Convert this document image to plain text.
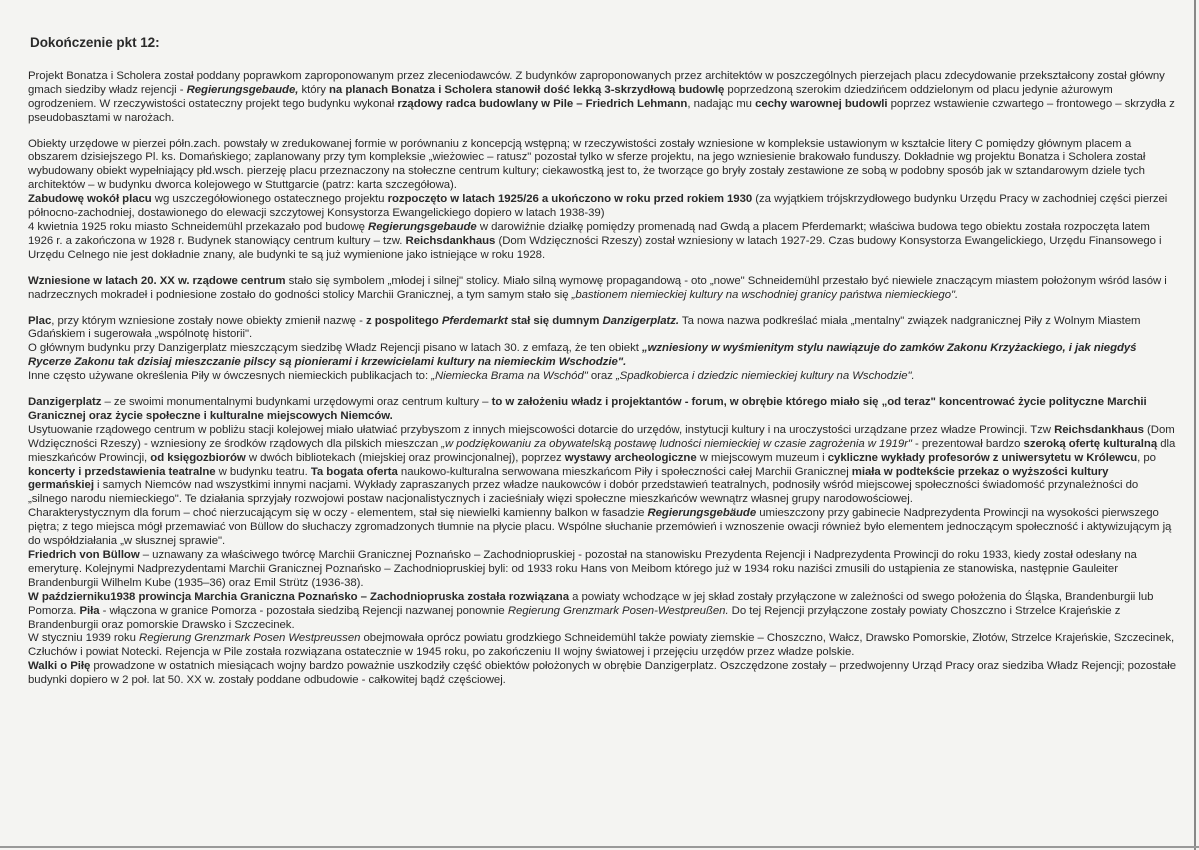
Dokończenie pkt 12:

Projekt Bonatza i Scholera został poddany poprawkom zaproponowanym przez zleceniodawców. Z budynków zaproponowanych przez architektów w poszczególnych pierzejach placu zdecydowanie przekształcony został główny gmach siedziby władz rejencji - Regierungsgebaude, który na planach Bonatza i Scholera stanowił dość lekką 3-skrzydłową budowlę poprzedzoną szerokim dziedzińcem oddzielonym od placu jedynie ażurowym ogrodzeniem. W rzeczywistości ostateczny projekt tego budynku wykonał rządowy radca budowlany w Pile – Friedrich Lehmann, nadając mu cechy warownej budowli poprzez wstawienie czwartego – frontowego – skrzydła z pseudobasztami w narożach.

Obiekty urzędowe w pierzei półn.zach. powstały w zredukowanej formie w porównaniu z koncepcją wstępną; w rzeczywistości zostały wzniesione w kompleksie ustawionym w kształcie litery C pomiędzy głównym placem a obszarem dzisiejszego Pl. ks. Domańskiego; zaplanowany przy tym kompleksie „wieżowiec – ratusz" pozostał tylko w sferze projektu, na jego wzniesienie brakowało funduszy. Dokładnie wg projektu Bonatza i Scholera został wybudowany obiekt wypełniający płd.wsch. pierzeję placu przeznaczony na stołeczne centrum kultury; ciekawostką jest to, że tworzące go bryły zostały zestawione ze sobą w podobny sposób jak w sztandarowym dziele tych architektów – w budynku dworca kolejowego w Stuttgarcie (patrz: karta szczegółowa).

Zabudowę wokół placu wg uszczegółowionego ostatecznego projektu rozpoczęto w latach 1925/26 a ukończono w roku przed rokiem 1930 (za wyjątkiem trójskrzydłowego budynku Urzędu Pracy w zachodniej części pierzei północno-zachodniej, dostawionego do elewacji szczytowej Konsystorza Ewangelickiego dopiero w latach 1938-39)

4 kwietnia 1925 roku miasto Schneidemühl przekazało pod budowę Regierungsgebaude w darowiźnie działkę pomiędzy promenadą nad Gwdą a placem Pferdemarkt; właściwa budowa tego obiektu została rozpoczęta latem 1926 r. a zakończona w 1928 r. Budynek stanowiący centrum kultury – tzw. Reichsdankhaus (Dom Wdzięczności Rzeszy) został wzniesiony w latach 1927-29. Czas budowy Konsystorza Ewangelickiego, Urzędu Finansowego i Urzędu Celnego nie jest dokładnie znany, ale budynki te są już wymienione jako istniejące w roku 1928.

Wzniesione w latach 20. XX w. rządowe centrum stało się symbolem „młodej i silnej" stolicy. Miało silną wymowę propagandową - oto „nowe" Schneidemühl przestało być niewiele znaczącym miastem położonym wśród lasów i nadrzecznych mokradeł i podniesione zostało do godności stolicy Marchii Granicznej, a tym samym stało się „bastionem niemieckiej kultury na wschodniej granicy państwa niemieckiego".

Plac, przy którym wzniesione zostały nowe obiekty zmienił nazwę - z pospolitego Pferdemarkt stał się dumnym Danzigerplatz. Ta nowa nazwa podkreślać miała „mentalny" związek nadgranicznej Piły z Wolnym Miastem Gdańskiem i sugerowała „wspólnotę historii".

O głównym budynku przy Danzigerplatz mieszczącym siedzibę Władz Rejencji pisano w latach 30. z emfazą, że ten obiekt „wzniesiony w wyśmienitym stylu nawiązuje do zamków Zakonu Krzyżackiego, i jak niegdyś Rycerze Zakonu tak dzisiaj mieszczanie pilscy są pionierami i krzewicielami kultury na niemieckim Wschodzie".

Inne często używane określenia Piły w ówczesnych niemieckich publikacjach to: „Niemiecka Brama na Wschód" oraz „Spadkobierca i dziedzic niemieckiej kultury na Wschodzie".

Danzigerplatz – ze swoimi monumentalnymi budynkami urzędowymi oraz centrum kultury – to w założeniu władz i projektantów - forum, w obrębie którego miało się „od teraz" koncentrować życie polityczne Marchii Granicznej oraz życie społeczne i kulturalne miejscowych Niemców.

Usytuowanie rządowego centrum w pobliżu stacji kolejowej miało ułatwiać przybyszom z innych miejscowości dotarcie do urzędów, instytucji kultury i na uroczystości urządzane przez władze Prowincji. Tzw Reichsdankhaus (Dom Wdzięczności Rzeszy) - wzniesiony ze środków rządowych dla pilskich mieszczan „w podziękowaniu za obywatelską postawę ludności niemieckiej w czasie zagrożenia w 1919r" - prezentował bardzo szeroką ofertę kulturalną dla mieszkańców Prowincji, od księgozbiorów w dwóch bibliotekach (miejskiej oraz prowincjonalnej), poprzez wystawy archeologiczne w miejscowym muzeum i cykliczne wykłady profesorów z uniwersytetu w Królewcu, po koncerty i przedstawienia teatralne w budynku teatru. Ta bogata oferta naukowo-kulturalna serwowana mieszkańcom Piły i społeczności całej Marchii Granicznej miała w podtekście przekaz o wyższości kultury germańskiej i samych Niemców nad wszystkimi innymi nacjami. Wykłady zapraszanych przez władze naukowców i dobór przedstawień teatralnych, podnosiły wśród miejscowej społeczności świadomość przynależności do „silnego narodu niemieckiego". Te działania sprzyjały rozwojowi postaw nacjonalistycznych i zacieśniały więzi społeczne mieszkańców wewnątrz własnej grupy narodowościowej.

Charakterystycznym dla forum – choć nierzucającym się w oczy - elementem, stał się niewielki kamienny balkon w fasadzie Regierungsgebäude umieszczony przy gabinecie Nadprezydenta Prowincji na wysokości pierwszego piętra; z tego miejsca mógł przemawiać von Büllow do słuchaczy zgromadzonych tłumnie na płycie placu. Wspólne słuchanie przemówień i wznoszenie owacji również było elementem jednoczącym społeczność i aktywizującym ją do współdziałania „w słusznej sprawie".

Friedrich von Büllow – uznawany za właściwego twórcę Marchii Granicznej Poznańsko – Zachodniopruskiej - pozostał na stanowisku Prezydenta Rejencji i Nadprezydenta Prowincji do roku 1933, kiedy został odesłany na emeryturę. Kolejnymi Nadprezydentami Marchii Granicznej Poznańsko – Zachodniopruskiej byli: od 1933 roku Hans von Meibom którego już w 1934 roku naziści zmusili do ustąpienia ze stanowiska, następnie Gauleiter Brandenburgii Wilhelm Kube (1935–36) oraz Emil Strütz (1936-38).

W październiku1938 prowincja Marchia Graniczna Poznańsko – Zachodniopruska została rozwiązana a powiaty wchodzące w jej skład zostały przyłączone w zależności od swego położenia do Śląska, Brandenburgii lub Pomorza. Piła - włączona w granice Pomorza - pozostała siedzibą Rejencji nazwanej ponownie Regierung Grenzmark Posen-Westpreußen. Do tej Rejencji przyłączone zostały powiaty Choszczno i Strzelce Krajeńskie z Brandenburgii oraz pomorskie Drawsko i Szczecinek.

W styczniu 1939 roku Regierung Grenzmark Posen Westpreussen obejmowała oprócz powiatu grodzkiego Schneidemühl także powiaty ziemskie – Choszczno, Wałcz, Drawsko Pomorskie, Złotów, Strzelce Krajeńskie, Szczecinek, Człuchów i powiat Notecki. Rejencja w Pile została rozwiązana ostatecznie w 1945 roku, po zakończeniu II wojny światowej i przejęciu urzędów przez władze polskie.

Walki o Piłę prowadzone w ostatnich miesiącach wojny bardzo poważnie uszkodziły część obiektów położonych w obrębie Danzigerplatz. Oszczędzone zostały – przedwojenny Urząd Pracy oraz siedziba Władz Rejencji; pozostałe budynki dopiero w 2 poł. lat 50. XX w. zostały poddane odbudowie - całkowitej bądź częściowej.
